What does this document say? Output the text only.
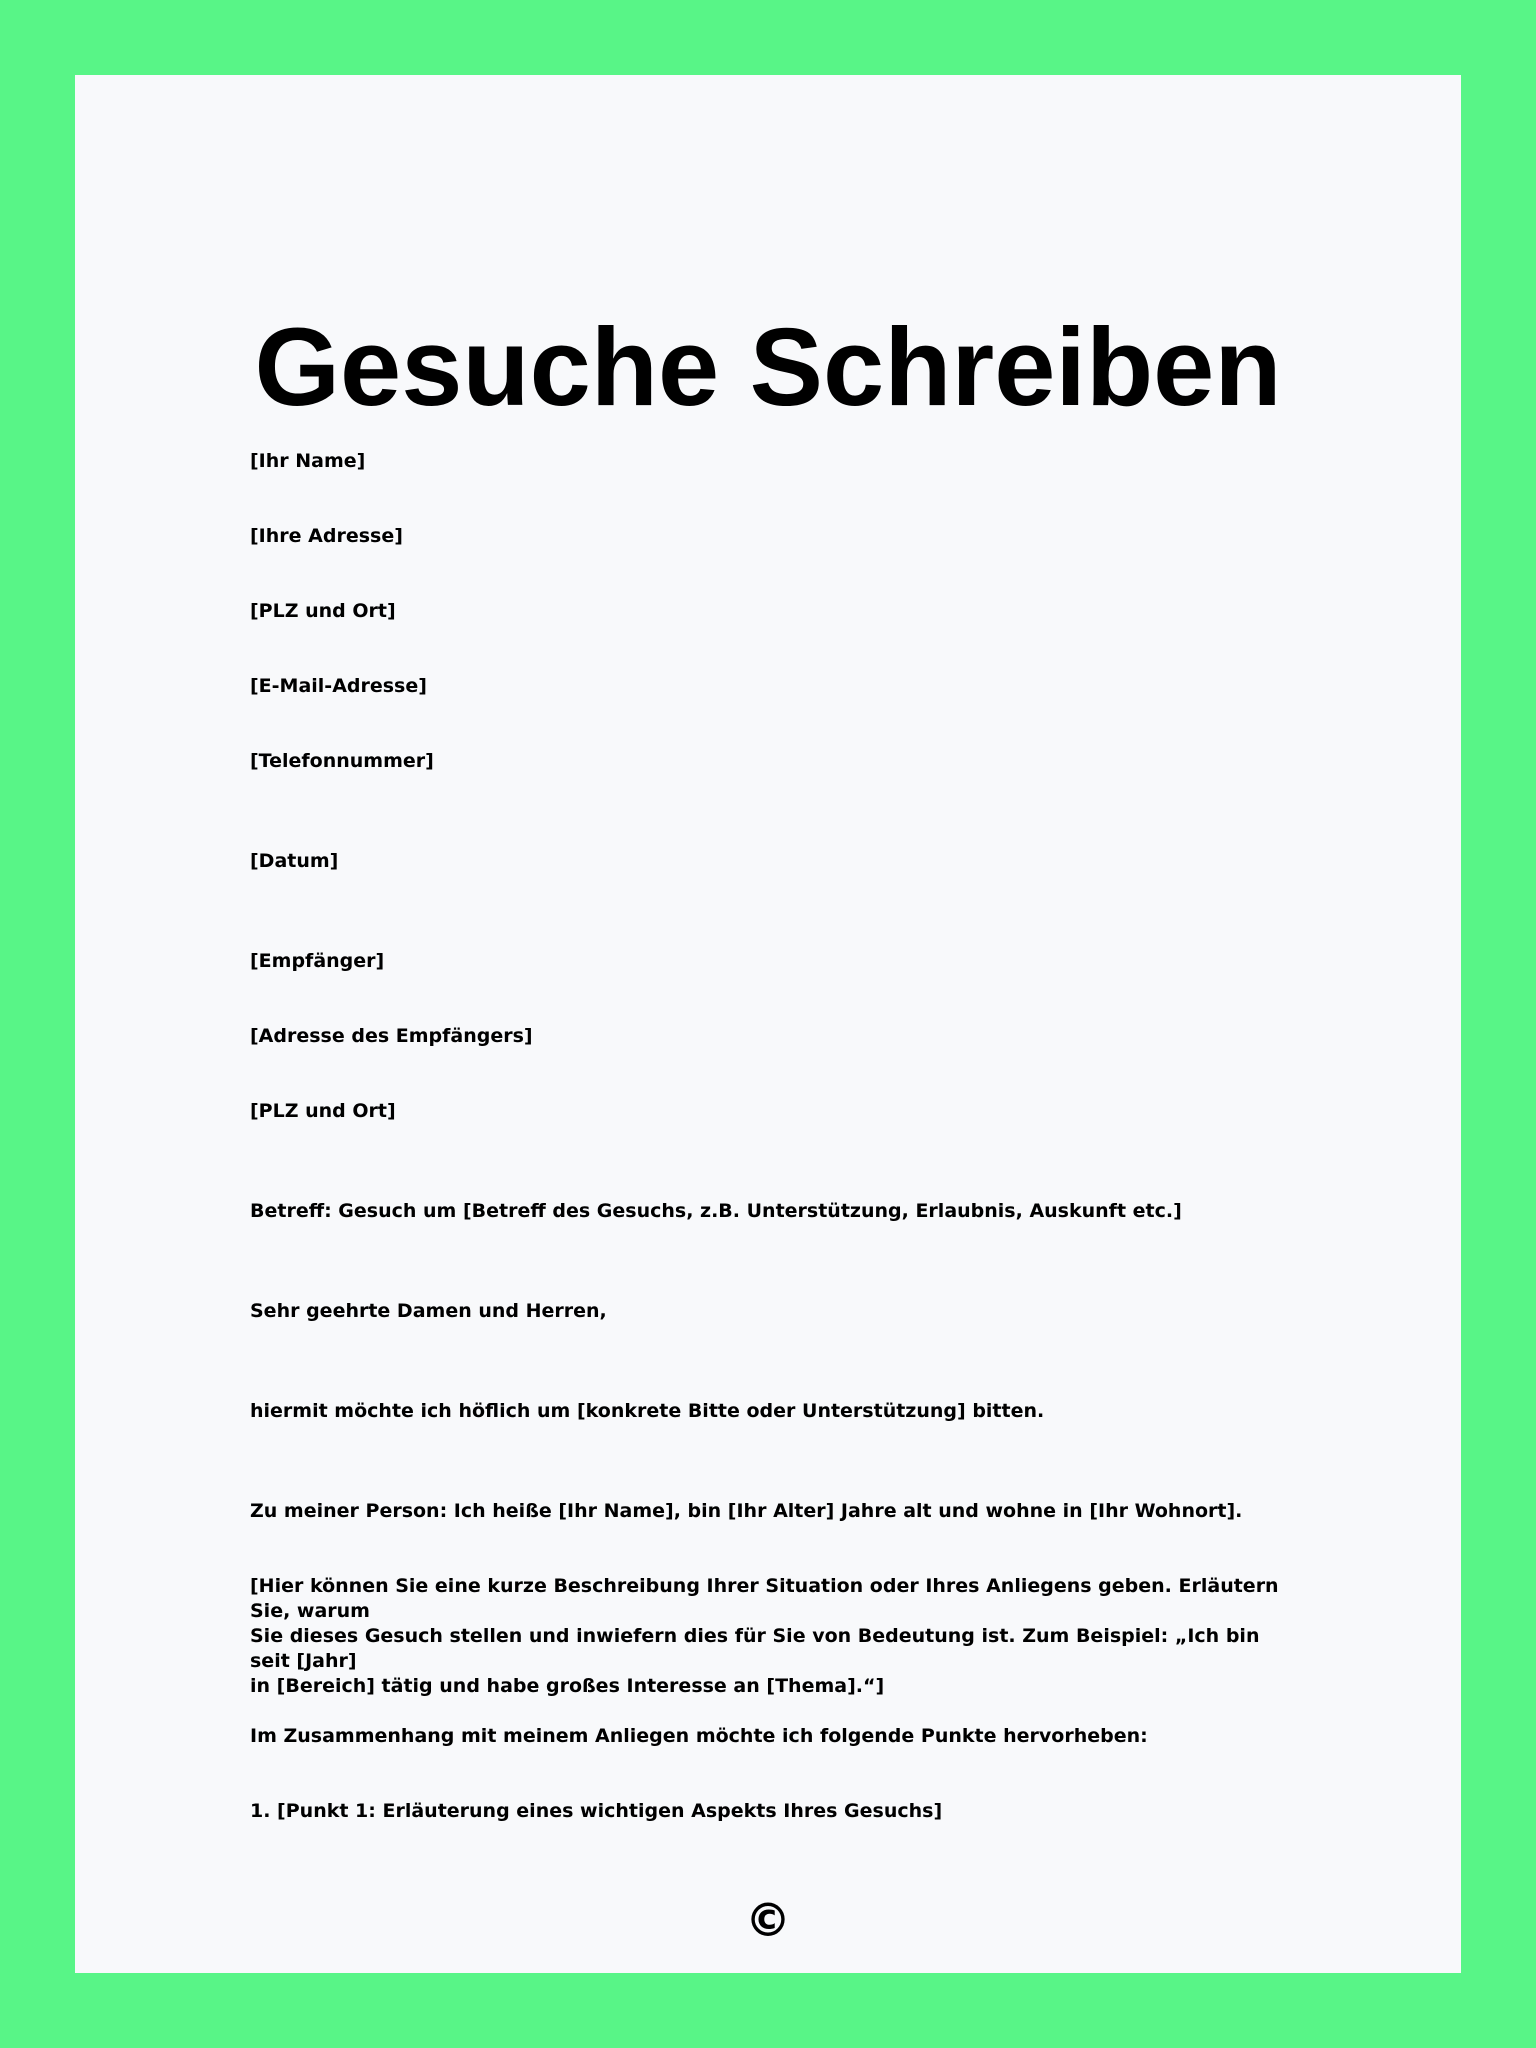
Gesuche Schreiben
[Ihr Name]
[Ihre Adresse]
[PLZ und Ort]
[E-Mail-Adresse]
[Telefonnummer]
[Datum]
[Empfänger]
[Adresse des Empfängers]
[PLZ und Ort]
Betreff: Gesuch um [Betreff des Gesuchs, z.B. Unterstützung, Erlaubnis, Auskunft etc.]
Sehr geehrte Damen und Herren,
hiermit möchte ich höflich um [konkrete Bitte oder Unterstützung] bitten.
Zu meiner Person: Ich heiße [Ihr Name], bin [Ihr Alter] Jahre alt und wohne in [Ihr Wohnort].
[Hier können Sie eine kurze Beschreibung Ihrer Situation oder Ihres Anliegens geben. Erläutern Sie, warum
Sie dieses Gesuch stellen und inwiefern dies für Sie von Bedeutung ist. Zum Beispiel: „Ich bin seit [Jahr]
in [Bereich] tätig und habe großes Interesse an [Thema].“]
Im Zusammenhang mit meinem Anliegen möchte ich folgende Punkte hervorheben:
1. [Punkt 1: Erläuterung eines wichtigen Aspekts Ihres Gesuchs]
©
